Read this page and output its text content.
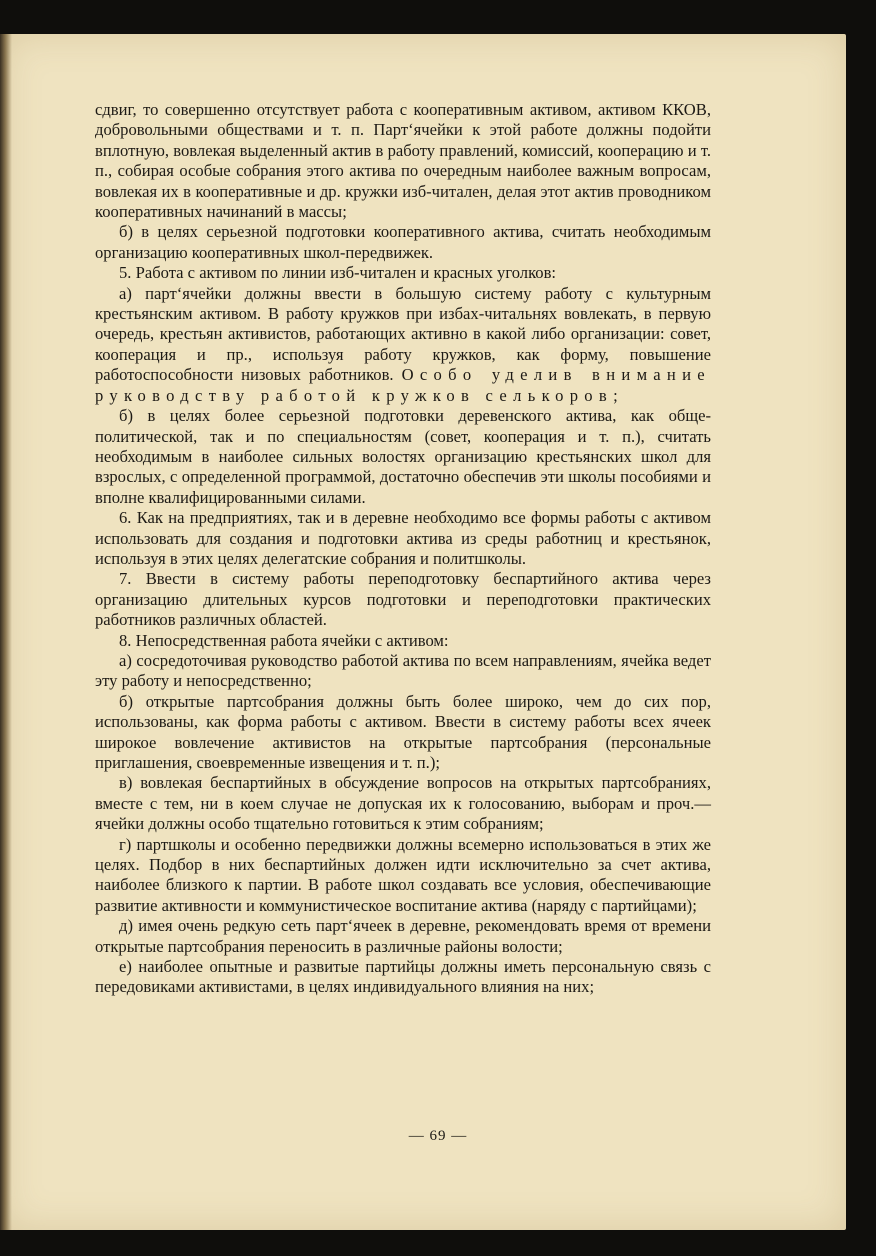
сдвиг, то совершенно отсутствует работа с кооперативным активом, активом ККОВ, добровольными обществами и т. п. Парт‘ячейки к этой работе должны подойти вплотную, вовлекая выделенный актив в работу правлений, комиссий, кооперацию и т. п., собирая особые собрания этого актива по очередным наиболее важным вопросам, вовлекая их в кооперативные и др. кружки изб-читален, делая этот актив проводником кооперативных начинаний в массы;

б) в целях серьезной подготовки кооперативного актива, считать необходимым организацию кооперативных школ-передвижек.

5. Работа с активом по линии изб-читален и красных уголков:

а) парт‘ячейки должны ввести в большую систему работу с культурным крестьянским активом. В работу кружков при избах-читальнях вовлекать, в первую очередь, крестьян активистов, работающих активно в какой либо организации: совет, кооперация и пр., используя работу кружков, как форму, повышение работоспособности низовых работников. Особо уделив внимание руководству работой кружков селькоров;

б) в целях более серьезной подготовки деревенского актива, как обще-политической, так и по специальностям (совет, кооперация и т. п.), считать необходимым в наиболее сильных волостях организацию крестьянских школ для взрослых, с определенной программой, достаточно обеспечив эти школы пособиями и вполне квалифицированными силами.

6. Как на предприятиях, так и в деревне необходимо все формы работы с активом использовать для создания и подготовки актива из среды работниц и крестьянок, используя в этих целях делегатские собрания и политшколы.

7. Ввести в систему работы переподготовку беспартийного актива через организацию длительных курсов подготовки и переподготовки практических работников различных областей.

8. Непосредственная работа ячейки с активом:

а) сосредоточивая руководство работой актива по всем направлениям, ячейка ведет эту работу и непосредственно;

б) открытые партсобрания должны быть более широко, чем до сих пор, использованы, как форма работы с активом. Ввести в систему работы всех ячеек широкое вовлечение активистов на открытые партсобрания (персональные приглашения, своевременные извещения и т. п.);

в) вовлекая беспартийных в обсуждение вопросов на открытых партсобраниях, вместе с тем, ни в коем случае не допуская их к голосованию, выборам и проч.—ячейки должны особо тщательно готовиться к этим собраниям;

г) партшколы и особенно передвижки должны всемерно использоваться в этих же целях. Подбор в них беспартийных должен идти исключительно за счет актива, наиболее близкого к партии. В работе школ создавать все условия, обеспечивающие развитие активности и коммунистическое воспитание актива (наряду с партийцами);

д) имея очень редкую сеть парт‘ячеек в деревне, рекомендовать время от времени открытые партсобрания переносить в различные районы волости;

е) наиболее опытные и развитые партийцы должны иметь персональную связь с передовиками активистами, в целях индивидуального влияния на них;

— 69 —
